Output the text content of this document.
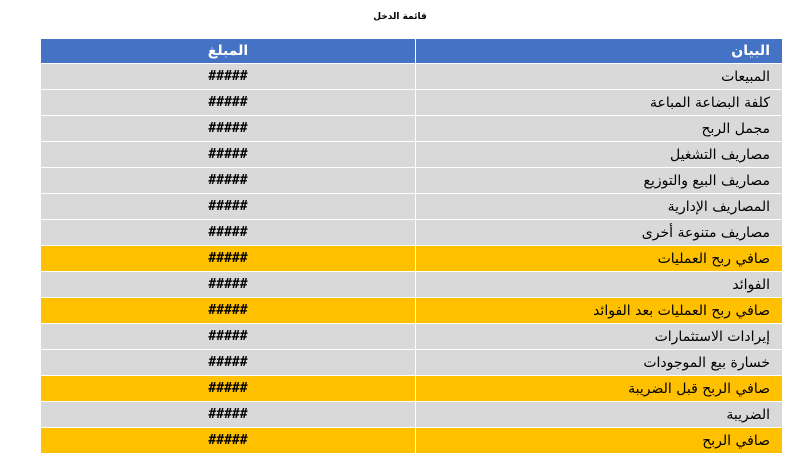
قائمة الدخل
البيان	المبلغ
المبيعات	#####
كلفة البضاعة المباعة	#####
مجمل الربح	#####
مصاريف التشغيل	#####
مصاريف البيع والتوزيع	#####
المصاريف الإدارية	#####
مصاريف متنوعة أخرى	#####
صافي ربح العمليات	#####
الفوائد	#####
صافي ربح العمليات بعد الفوائد	#####
إيرادات الاستثمارات	#####
خسارة بيع الموجودات	#####
صافي الربح قبل الضريبة	#####
الضريبة	#####
صافي الربح	#####
